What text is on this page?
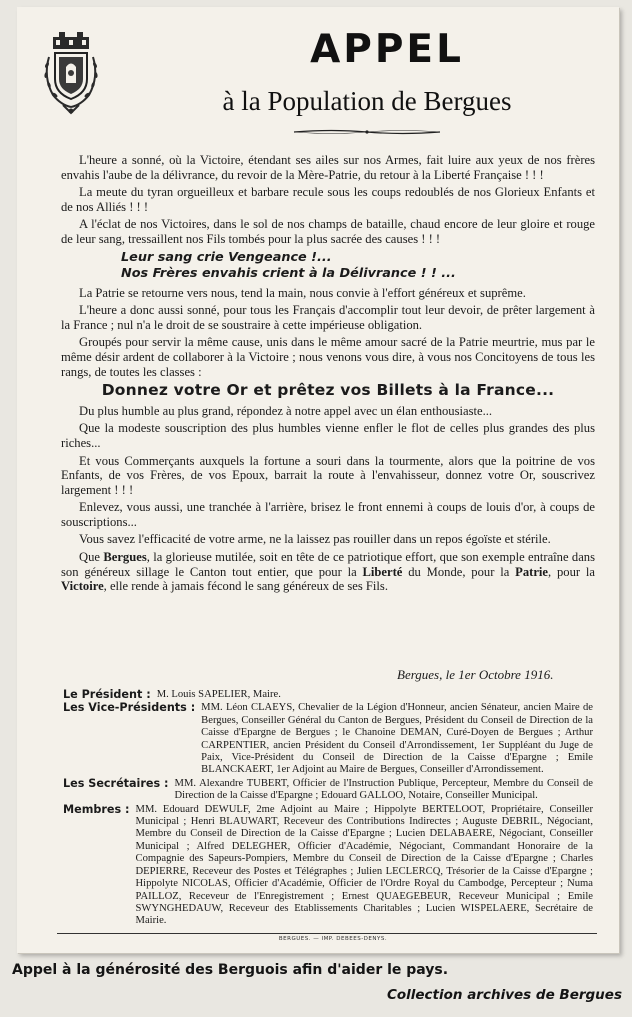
APPEL
à la Population de Bergues

L'heure a sonné, où la Victoire, étendant ses ailes sur nos Armes, fait luire aux yeux de nos frères envahis l'aube de la délivrance, du revoir de la Mère-Patrie, du retour à la Liberté Française ! ! !

La meute du tyran orgueilleux et barbare recule sous les coups redoublés de nos Glorieux Enfants et de nos Alliés ! ! !

A l'éclat de nos Victoires, dans le sol de nos champs de bataille, chaud encore de leur gloire et rouge de leur sang, tressaillent nos Fils tombés pour la plus sacrée des causes ! ! !

Leur sang crie Vengeance !...
Nos Frères envahis crient à la Délivrance ! ! ...

La Patrie se retourne vers nous, tend la main, nous convie à l'effort généreux et suprême.

L'heure a donc aussi sonné, pour tous les Français d'accomplir tout leur devoir, de prêter largement à la France ; nul n'a le droit de se soustraire à cette impérieuse obligation.

Groupés pour servir la même cause, unis dans le même amour sacré de la Patrie meurtrie, mus par le même désir ardent de collaborer à la Victoire ; nous venons vous dire, à vous nos Concitoyens de tous les rangs, de toutes les classes :

Donnez votre Or et prêtez vos Billets à la France...

Du plus humble au plus grand, répondez à notre appel avec un élan enthousiaste...

Que la modeste souscription des plus humbles vienne enfler le flot de celles plus grandes des plus riches...

Et vous Commerçants auxquels la fortune a souri dans la tourmente, alors que la poitrine de vos Enfants, de vos Frères, de vos Epoux, barrait la route à l'envahisseur, donnez votre Or, souscrivez largement ! ! !

Enlevez, vous aussi, une tranchée à l'arrière, brisez le front ennemi à coups de louis d'or, à coups de souscriptions...

Vous savez l'efficacité de votre arme, ne la laissez pas rouiller dans un repos égoïste et stérile.

Que Bergues, la glorieuse mutilée, soit en tête de ce patriotique effort, que son exemple entraîne dans son généreux sillage le Canton tout entier, que pour la Liberté du Monde, pour la Patrie, pour la Victoire, elle rende à jamais fécond le sang généreux de ses Fils.

Bergues, le 1er Octobre 1916.
Le Président : M. Louis SAPELIER, Maire.
Les Vice-Présidents : MM. Léon CLAEYS, Chevalier de la Légion d'Honneur, ancien Sénateur, ancien Maire de Bergues, Conseiller Général du Canton de Bergues, Président du Conseil de Direction de la Caisse d'Epargne de Bergues ; le Chanoine DEMAN, Curé-Doyen de Bergues ; Arthur CARPENTIER, ancien Président du Conseil d'Arrondissement, 1er Suppléant du Juge de Paix, Vice-Président du Conseil de Direction de la Caisse d'Epargne ; Emile BLANCKAERT, 1er Adjoint au Maire de Bergues, Conseiller d'Arrondissement.
Les Secrétaires : MM. Alexandre TUBERT, Officier de l'Instruction Publique, Percepteur, Membre du Conseil de Direction de la Caisse d'Epargne ; Edouard GALLOO, Notaire, Conseiller Municipal.
Membres : MM. Edouard DEWULF, 2me Adjoint au Maire ; Hippolyte BERTELOOT, Propriétaire, Conseiller Municipal ; Henri BLAUWART, Receveur des Contributions Indirectes ; Auguste DEBRIL, Négociant, Membre du Conseil de Direction de la Caisse d'Epargne ; Lucien DELABAERE, Négociant, Conseiller Municipal ; Alfred DELEGHER, Officier d'Académie, Négociant, Commandant Honoraire de la Compagnie des Sapeurs-Pompiers, Membre du Conseil de Direction de la Caisse d'Epargne ; Charles DEPIERRE, Receveur des Postes et Télégraphes ; Julien LECLERCQ, Trésorier de la Caisse d'Epargne ; Hippolyte NICOLAS, Officier d'Académie, Officier de l'Ordre Royal du Cambodge, Percepteur ; Numa PAILLOZ, Receveur de l'Enregistrement ; Ernest QUAEGEBEUR, Receveur Municipal ; Emile SWYNGHEDAUW, Receveur des Etablissements Charitables ; Lucien WISPELAERE, Secrétaire de Mairie.
BERGUES. — IMP. DEBEES-DENYS.
Appel à la générosité des Berguois afin d'aider le pays.
Collection archives de Bergues
